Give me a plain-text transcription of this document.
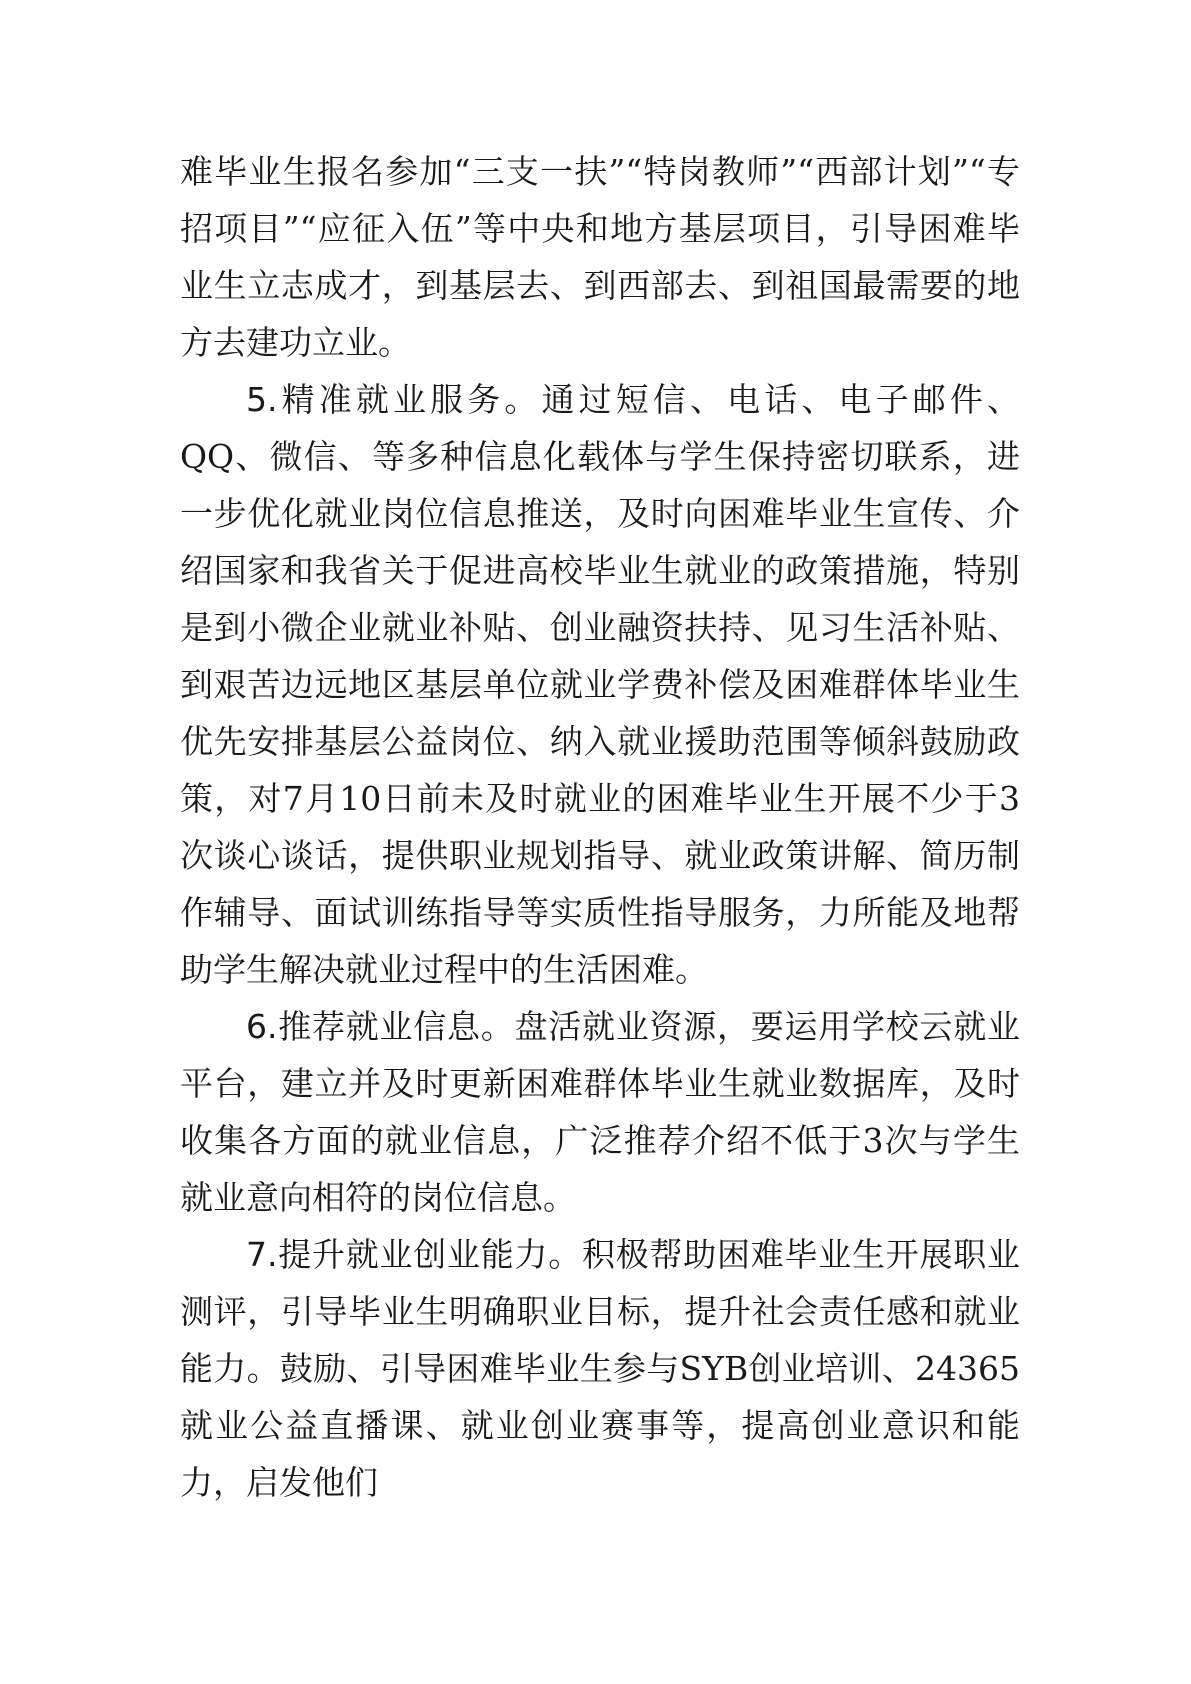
难毕业生报名参加“三支一扶”“特岗教师”“西部计划”“专招项目”“应征入伍”等中央和地方基层项目，引导困难毕业生立志成才，到基层去、到西部去、到祖国最需要的地方去建功立业。

5.精准就业服务。通过短信、电话、电子邮件、QQ、微信、等多种信息化载体与学生保持密切联系，进一步优化就业岗位信息推送，及时向困难毕业生宣传、介绍国家和我省关于促进高校毕业生就业的政策措施，特别是到小微企业就业补贴、创业融资扶持、见习生活补贴、到艰苦边远地区基层单位就业学费补偿及困难群体毕业生优先安排基层公益岗位、纳入就业援助范围等倾斜鼓励政策，对7月10日前未及时就业的困难毕业生开展不少于3次谈心谈话，提供职业规划指导、就业政策讲解、简历制作辅导、面试训练指导等实质性指导服务，力所能及地帮助学生解决就业过程中的生活困难。

6.推荐就业信息。盘活就业资源，要运用学校云就业平台，建立并及时更新困难群体毕业生就业数据库，及时收集各方面的就业信息，广泛推荐介绍不低于3次与学生就业意向相符的岗位信息。

7.提升就业创业能力。积极帮助困难毕业生开展职业测评，引导毕业生明确职业目标，提升社会责任感和就业能力。鼓励、引导困难毕业生参与SYB创业培训、24365就业公益直播课、就业创业赛事等，提高创业意识和能力，启发他们
